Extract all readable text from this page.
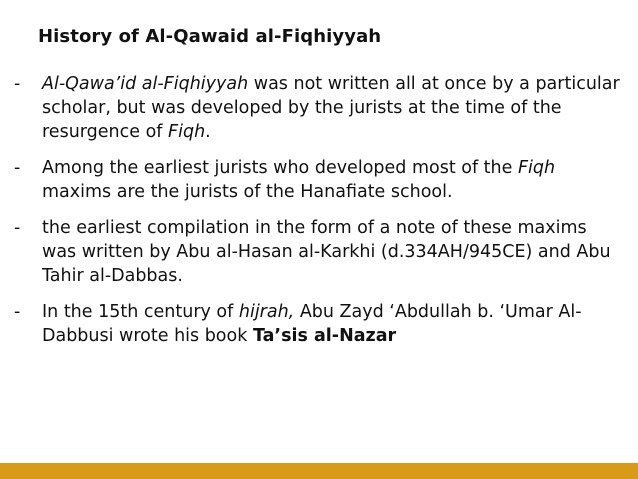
History of Al-Qawaid al-Fiqhiyyah
- Al-Qawa’id al-Fiqhiyyah was not written all at once by a particular scholar, but was developed by the jurists at the time of the resurgence of Fiqh.
- Among the earliest jurists who developed most of the Fiqh maxims are the jurists of the Hanafiate school.
- the earliest compilation in the form of a note of these maxims was written by Abu al-Hasan al-Karkhi (d.334AH/945CE) and Abu Tahir al-Dabbas.
- In the 15th century of hijrah, Abu Zayd ‘Abdullah b. ‘Umar Al-Dabbusi wrote his book Ta’sis al-Nazar
